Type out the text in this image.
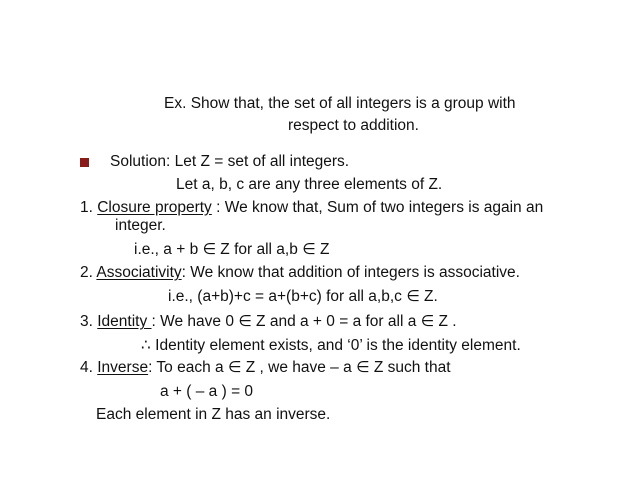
Ex. Show that, the set of all integers is a group with
respect to addition.
Solution: Let Z = set of all integers.
Let a, b, c are any three elements of Z.
1. Closure property : We know that, Sum of two integers is again an
integer.
i.e., a + b ∈ Z for all a,b ∈ Z
2. Associativity: We know that addition of integers is associative.
i.e., (a+b)+c = a+(b+c) for all a,b,c ∈ Z.
3. Identity : We have 0 ∈ Z and a + 0 = a for all a ∈ Z .
∴ Identity element exists, and ‘0’ is the identity element.
4. Inverse: To each a ∈ Z , we have – a ∈ Z such that
a + ( – a ) = 0
Each element in Z has an inverse.
